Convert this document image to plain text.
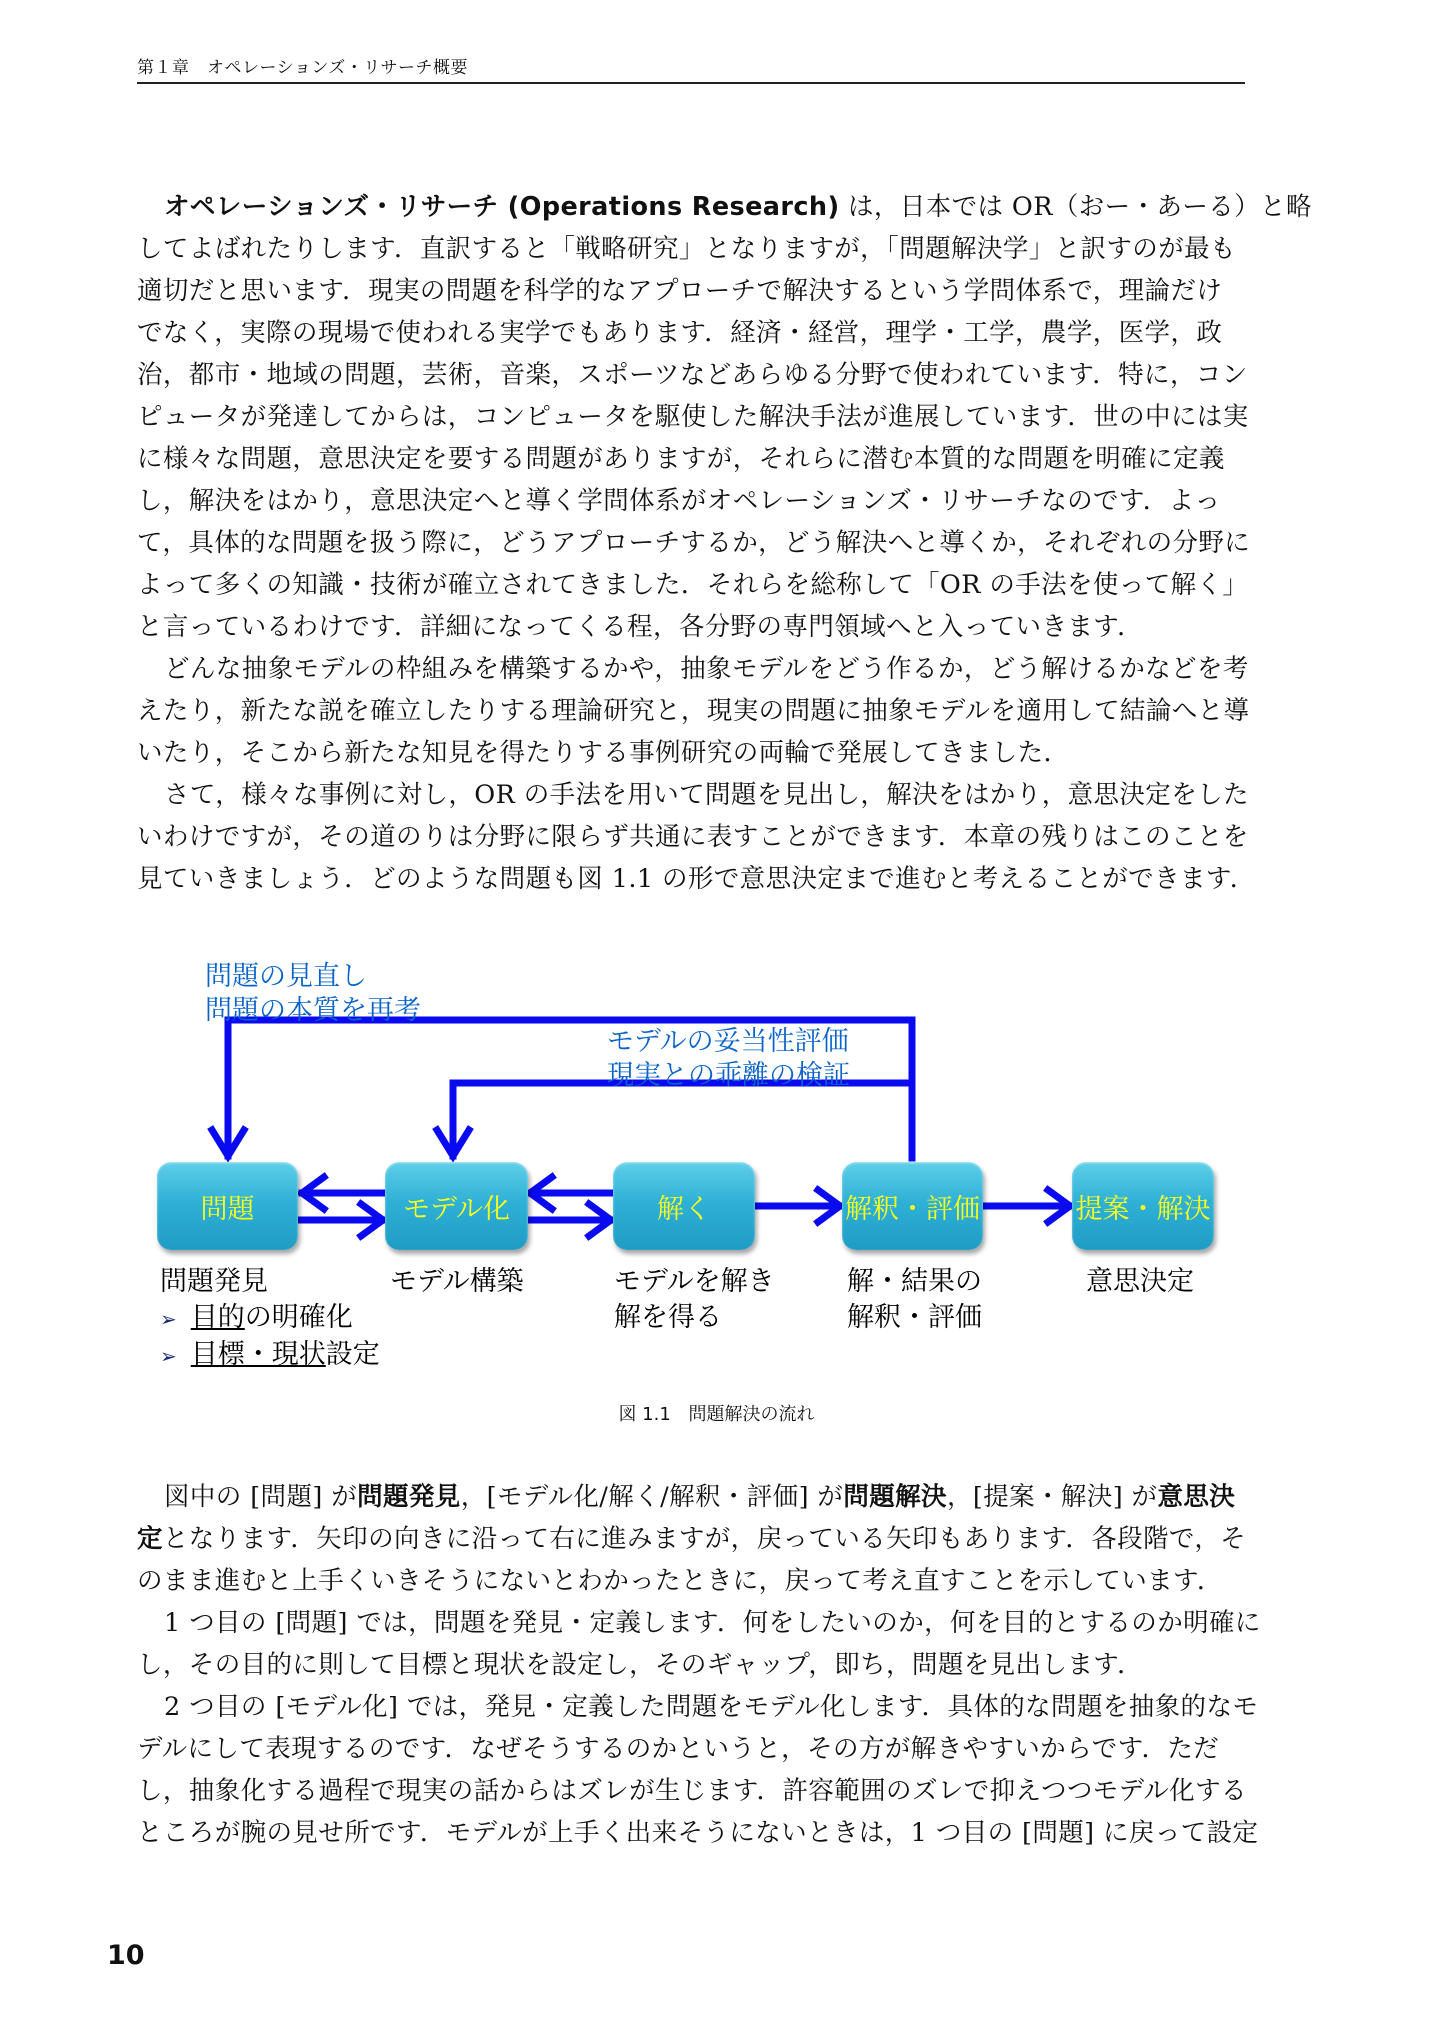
第１章　オペレーションズ・リサーチ概要
オペレーションズ・リサーチ (Operations Research) は，日本では OR（おー・あーる）と略
してよばれたりします．直訳すると「戦略研究」となりますが，「問題解決学」と訳すのが最も
適切だと思います．現実の問題を科学的なアプローチで解決するという学問体系で，理論だけ
でなく，実際の現場で使われる実学でもあります．経済・経営，理学・工学，農学，医学，政
治，都市・地域の問題，芸術，音楽，スポーツなどあらゆる分野で使われています．特に，コン
ピュータが発達してからは，コンピュータを駆使した解決手法が進展しています．世の中には実
に様々な問題，意思決定を要する問題がありますが，それらに潜む本質的な問題を明確に定義
し，解決をはかり，意思決定へと導く学問体系がオペレーションズ・リサーチなのです．よっ
て，具体的な問題を扱う際に，どうアプローチするか，どう解決へと導くか，それぞれの分野に
よって多くの知識・技術が確立されてきました．それらを総称して「OR の手法を使って解く」
と言っているわけです．詳細になってくる程，各分野の専門領域へと入っていきます．
どんな抽象モデルの枠組みを構築するかや，抽象モデルをどう作るか，どう解けるかなどを考
えたり，新たな説を確立したりする理論研究と，現実の問題に抽象モデルを適用して結論へと導
いたり，そこから新たな知見を得たりする事例研究の両輪で発展してきました．
さて，様々な事例に対し，OR の手法を用いて問題を見出し，解決をはかり，意思決定をした
いわけですが，その道のりは分野に限らず共通に表すことができます．本章の残りはこのことを
見ていきましょう．どのような問題も図 1.1 の形で意思決定まで進むと考えることができます．
問題の見直し
問題の本質を再考
モデルの妥当性評価
現実との乖離の検証
問題	モデル化	解く	解釈・評価	提案・解決
問題発見
➢ 目的の明確化
➢ 目標・現状設定
モデル構築	モデルを解き
解を得る
解・結果の
解釈・評価
意思決定
図 1.1 問題解決の流れ
図中の [問題] が問題発見，[モデル化/解く/解釈・評価] が問題解決，[提案・解決] が意思決
定となります．矢印の向きに沿って右に進みますが，戻っている矢印もあります．各段階で，そ
のまま進むと上手くいきそうにないとわかったときに，戻って考え直すことを示しています．
1 つ目の [問題] では，問題を発見・定義します．何をしたいのか，何を目的とするのか明確に
し，その目的に則して目標と現状を設定し，そのギャップ，即ち，問題を見出します．
2 つ目の [モデル化] では，発見・定義した問題をモデル化します．具体的な問題を抽象的なモ
デルにして表現するのです．なぜそうするのかというと，その方が解きやすいからです．ただ
し，抽象化する過程で現実の話からはズレが生じます．許容範囲のズレで抑えつつモデル化する
ところが腕の見せ所です．モデルが上手く出来そうにないときは，1 つ目の [問題] に戻って設定
10
